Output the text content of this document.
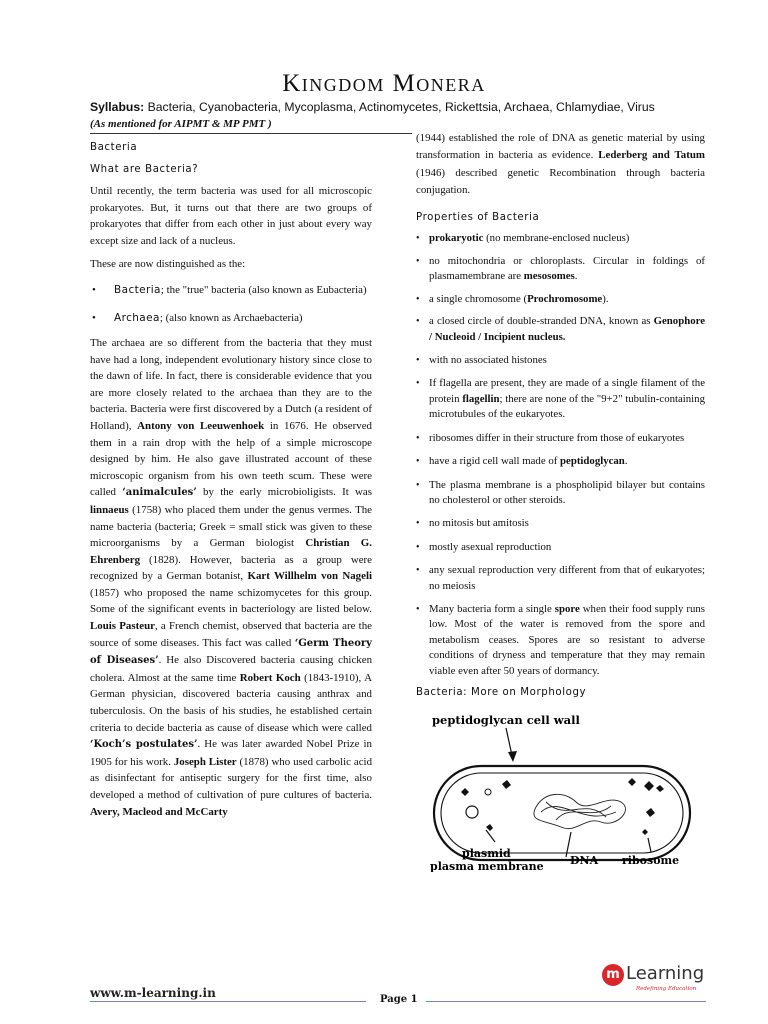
Kingdom Monera
Syllabus: Bacteria, Cyanobacteria, Mycoplasma, Actinomycetes, Rickettsia, Archaea, Chlamydiae, Virus
(As mentioned for AIPMT & MP PMT )
Bacteria
What are Bacteria?

Until recently, the term bacteria was used for all microscopic prokaryotes. But, it turns out that there are two groups of prokaryotes that differ from each other in just about every way except size and lack of a nucleus.

These are now distinguished as the:

• Bacteria; the "true" bacteria (also known as Eubacteria)
• Archaea; (also known as Archaebacteria)

The archaea are so different from the bacteria that they must have had a long, independent evolutionary history since close to the dawn of life. In fact, there is considerable evidence that you are more closely related to the archaea than they are to the bacteria. Bacteria were first discovered by a Dutch (a resident of Holland), Antony von Leeuwenhoek in 1676. He observed them in a rain drop with the help of a simple microscope designed by him. He also gave illustrated account of these microscopic organism from his own teeth scum. These were called ‘animalcules’ by the early microbioligists. It was linnaeus (1758) who placed them under the genus vermes. The name bacteria (bacteria; Greek = small stick was given to these microorganisms by a German biologist Christian G. Ehrenberg (1828). However, bacteria as a group were recognized by a German botanist, Kart Willhelm von Nageli (1857) who proposed the name schizomycetes for this group. Some of the significant events in bacteriology are listed below. Louis Pasteur, a French chemist, observed that bacteria are the source of some diseases. This fact was called ‘Germ Theory of Diseases’. He also Discovered bacteria causing chicken cholera. Almost at the same time Robert Koch (1843-1910), A German physician, discovered bacteria causing anthrax and tuberculosis. On the basis of his studies, he established certain criteria to decide bacteria as cause of disease which were called ‘Koch’s postulates’. He was later awarded Nobel Prize in 1905 for his work. Joseph Lister (1878) who used carbolic acid as disinfectant for antiseptic surgery for the first time, also developed a method of cultivation of pure cultures of bacteria. Avery, Macleod and McCarty

(1944) established the role of DNA as genetic material by using transformation in bacteria as evidence. Lederberg and Tatum (1946) described genetic Recombination through bacteria conjugation.

Properties of Bacteria
• prokaryotic (no membrane-enclosed nucleus)
• no mitochondria or chloroplasts. Circular in foldings of plasmamembrane are mesosomes.
• a single chromosome (Prochromosome).
• a closed circle of double-stranded DNA, known as Genophore / Nucleoid / Incipient nucleus.
• with no associated histones
• If flagella are present, they are made of a single filament of the protein flagellin; there are none of the "9+2" tubulin-containing microtubules of the eukaryotes.
• ribosomes differ in their structure from those of eukaryotes
• have a rigid cell wall made of peptidoglycan.
• The plasma membrane is a phospholipid bilayer but contains no cholesterol or other steroids.
• no mitosis but amitosis
• mostly asexual reproduction
• any sexual reproduction very different from that of eukaryotes; no meiosis
• Many bacteria form a single spore when their food supply runs low. Most of the water is removed from the spore and metabolism ceases. Spores are so resistant to adverse conditions of dryness and temperature that they may remain viable even after 50 years of dormancy.
Bacteria: More on Morphology
peptidoglycan cell wall
plasmid
plasma membrane DNA ribosome
www.m-learning.in	Page 1
m Learning
Redefining Education
